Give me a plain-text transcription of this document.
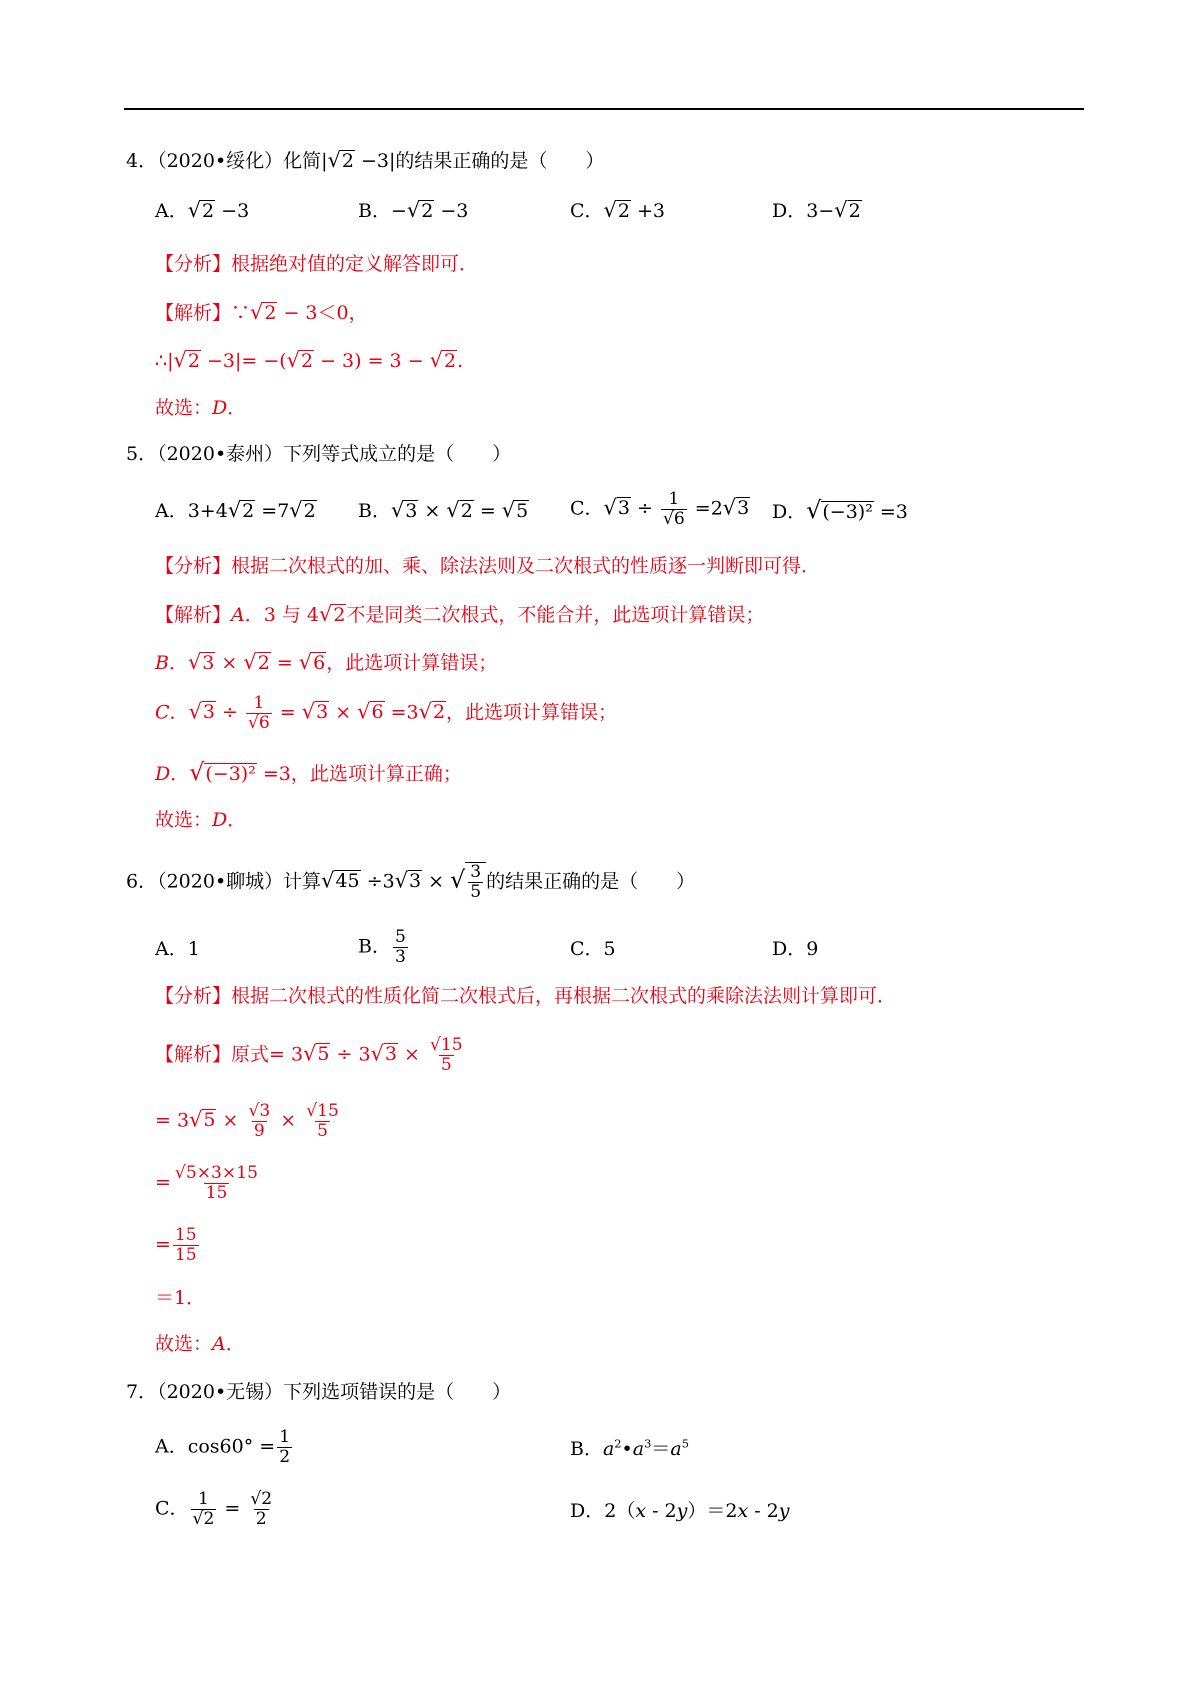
4．（2020•绥化）化简|√2 −3|的结果正确的是（　　）
A．√2 −3	B．−√2 −3	C．√2 +3	D．3−√2
【分析】根据绝对值的定义解答即可．
【解析】∵√2 − 3＜0，
∴|√2 −3|= −(√2 − 3) = 3 − √2.
故选：D．
5．（2020•泰州）下列等式成立的是（　　）
A．3+4√2 =7√2 B．√3 × √2 = √5 C．$√3 \div \frac{1}{√6} =2√3$ D．√(−3)² =3
【分析】根据二次根式的加、乘、除法法则及二次根式的性质逐一判断即可得．
【解析】A．3 与 4√2不是同类二次根式，不能合并，此选项计算错误；
B．√3 × √2 = √6，此选项计算错误；
C．$√3 \div \frac{1}{√6} = √3 \times √6 =3√2$，此选项计算错误；
D．√(−3)² =3，此选项计算正确；
故选：D．
6．（2020•聊城）计算√45 ÷3√3 × √ $\frac{3}{5}$ 的结果正确的是（　　）
A．1	B． $\frac{5}{3}$	C．5	D．9
【分析】根据二次根式的性质化简二次根式后，再根据二次根式的乘除法法则计算即可．
【解析】原式= $3√5 \div 3√3 \times \frac{√15}{5}$
= $3√5 \times \frac{√3}{9} \times \frac{√15}{5}$
= $\frac{√5\times 3\times 15}{15}$
= $\frac{15}{15}$
＝1．
故选：A．
7．（2020•无锡）下列选项错误的是（　　）
A．$\cos 60^\circ = \frac{1}{2}$	B．$a^2•a^3=a^5$
C． $\frac{1}{√2} = \frac{√2}{2}$	D．2（x - 2y）＝2x - 2y
